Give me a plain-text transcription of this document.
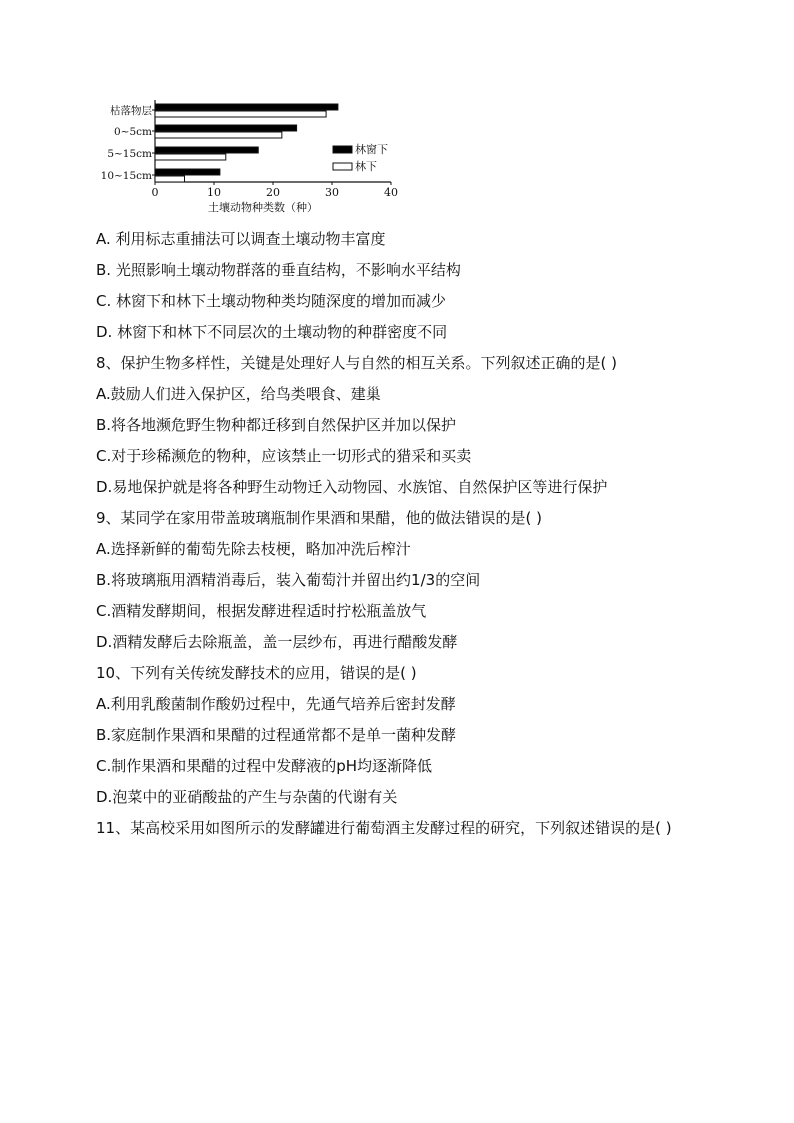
0	10	20	30	40
枯落物层
0~5cm
5~15cm
10~15cm
土壤动物种类数（种）
林窗下
林下
A. 利用标志重捕法可以调查土壤动物丰富度
B. 光照影响土壤动物群落的垂直结构，不影响水平结构
C. 林窗下和林下土壤动物种类均随深度的增加而减少
D. 林窗下和林下不同层次的土壤动物的种群密度不同
8、保护生物多样性，关键是处理好人与自然的相互关系。下列叙述正确的是( )
A.鼓励人们进入保护区，给鸟类喂食、建巢
B.将各地濒危野生物种都迁移到自然保护区并加以保护
C.对于珍稀濒危的物种，应该禁止一切形式的猎采和买卖
D.易地保护就是将各种野生动物迁入动物园、水族馆、自然保护区等进行保护
9、某同学在家用带盖玻璃瓶制作果酒和果醋，他的做法错误的是( )
A.选择新鲜的葡萄先除去枝梗，略加冲洗后榨汁
B.将玻璃瓶用酒精消毒后，装入葡萄汁并留出约1/3的空间
C.酒精发酵期间，根据发酵进程适时拧松瓶盖放气
D.酒精发酵后去除瓶盖，盖一层纱布，再进行醋酸发酵
10、下列有关传统发酵技术的应用，错误的是( )
A.利用乳酸菌制作酸奶过程中，先通气培养后密封发酵
B.家庭制作果酒和果醋的过程通常都不是单一菌种发酵
C.制作果酒和果醋的过程中发酵液的pH均逐渐降低
D.泡菜中的亚硝酸盐的产生与杂菌的代谢有关
11、某高校采用如图所示的发酵罐进行葡萄酒主发酵过程的研究，下列叙述错误的是( )
